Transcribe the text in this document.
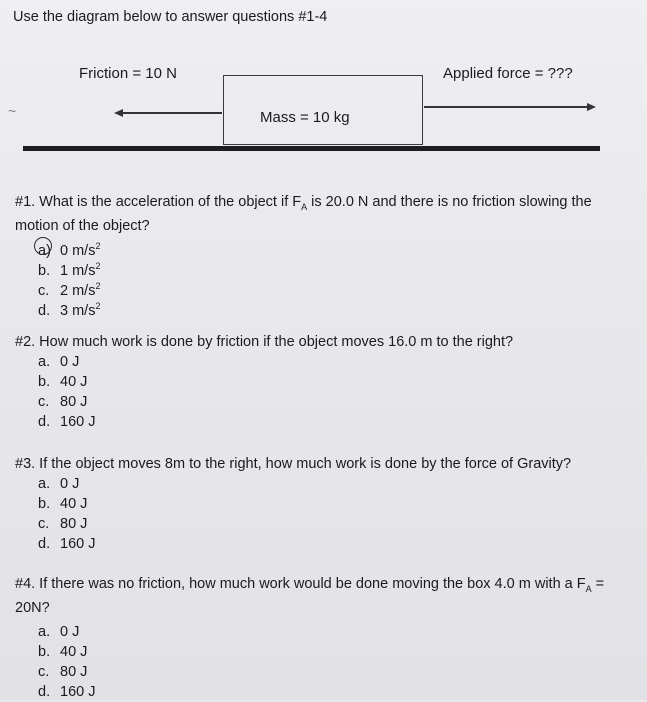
Use the diagram below to answer questions #1-4
~
Friction = 10 N	Applied force = ???
Mass = 10 kg

#1. What is the acceleration of the object if $F_A$ is 20.0 N and there is no friction slowing the motion of the object?

a) 0 $m/s^2$
b. 1 $m/s^2$
c. 2 $m/s^2$
d. 3 $m/s^2$

#2. How much work is done by friction if the object moves 16.0 m to the right?

a. 0 J
b. 40 J
c. 80 J
d. 160 J

#3. If the object moves 8m to the right, how much work is done by the force of Gravity?

a. 0 J
b. 40 J
c. 80 J
d. 160 J

#4. If there was no friction, how much work would be done moving the box 4.0 m with a $F_A = 20N$?

a. 0 J
b. 40 J
c. 80 J
d. 160 J
